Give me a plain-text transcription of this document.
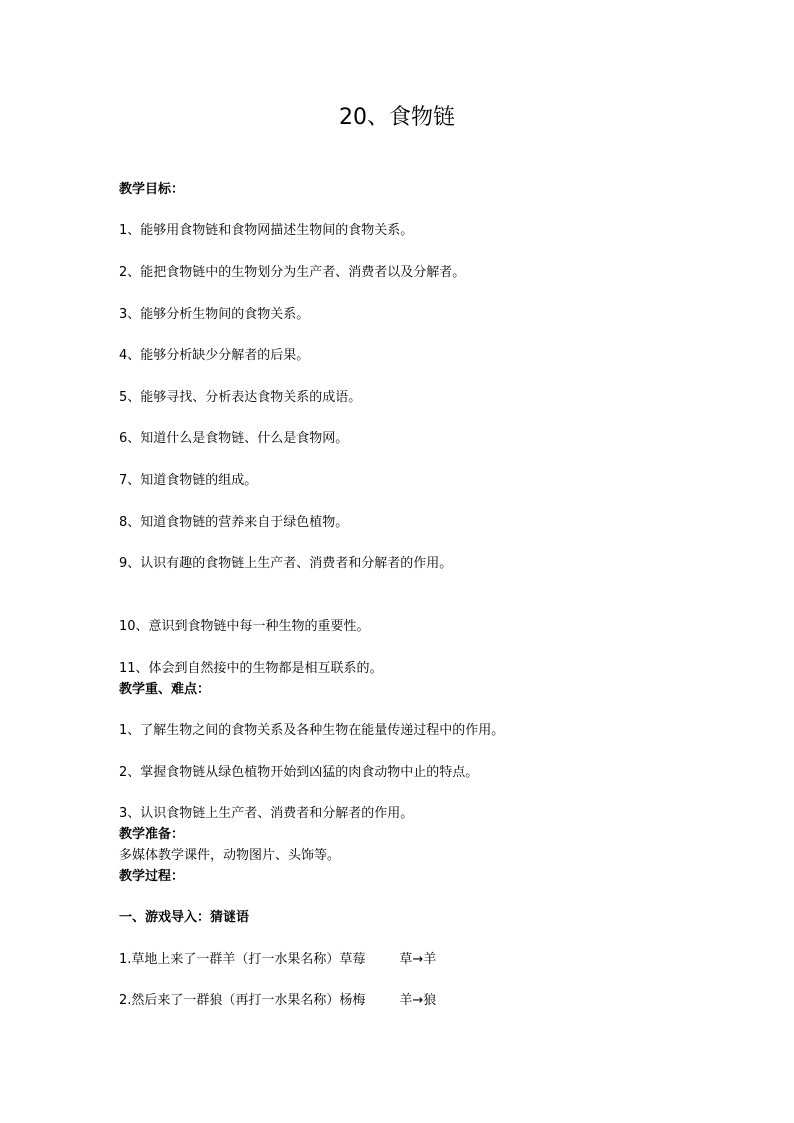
20、食物链
教学目标：
1、能够用食物链和食物网描述生物间的食物关系。
2、能把食物链中的生物划分为生产者、消费者以及分解者。
3、能够分析生物间的食物关系。
4、能够分析缺少分解者的后果。
5、能够寻找、分析表达食物关系的成语。
6、知道什么是食物链、什么是食物网。
7、知道食物链的组成。
8、知道食物链的营养来自于绿色植物。
9、认识有趣的食物链上生产者、消费者和分解者的作用。
10、意识到食物链中每一种生物的重要性。
11、体会到自然接中的生物都是相互联系的。
教学重、难点：
1、了解生物之间的食物关系及各种生物在能量传递过程中的作用。
2、掌握食物链从绿色植物开始到凶猛的肉食动物中止的特点。
3、认识食物链上生产者、消费者和分解者的作用。
教学准备：
多媒体教学课件，动物图片、头饰等。
教学过程：
一、游戏导入：猜谜语
1.草地上来了一群羊（打一水果名称）草莓	草→羊
2.然后来了一群狼（再打一水果名称）杨梅	羊→狼
